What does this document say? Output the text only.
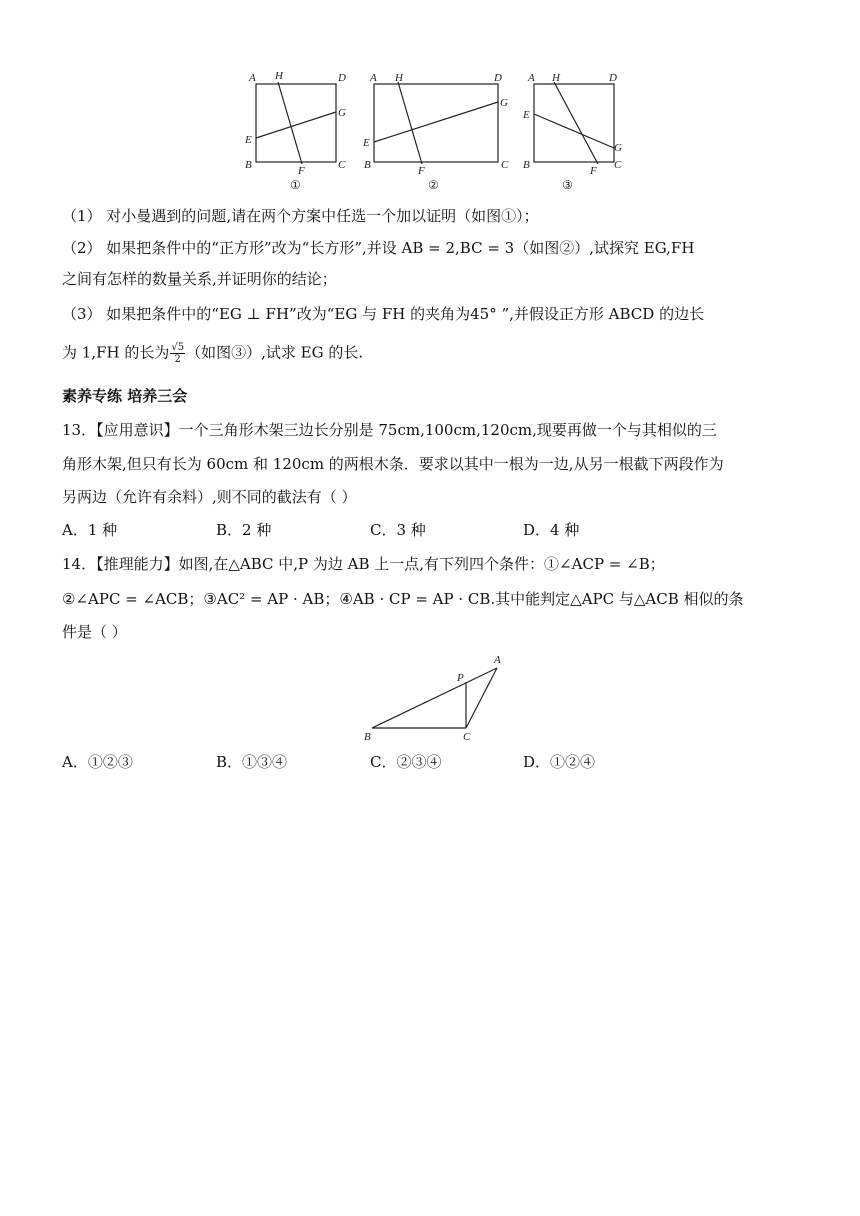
A H	D
G
E
B	F	C
①
A H	D
G
E
B	F	C
②
A H	D
E
G
B	F C
③
（1） 对小曼遇到的问题,请在两个方案中任选一个加以证明（如图①）；
（2） 如果把条件中的“正方形”改为“长方形”,并设 AB = 2,BC = 3（如图②）,试探究 EG,FH
之间有怎样的数量关系,并证明你的结论；
（3） 如果把条件中的“EG ⊥ FH”改为“EG 与 FH 的夹角为45° ”,并假设正方形 ABCD 的边长
为 1,FH 的长为 $\frac{√5}{2}$ （如图③）,试求 EG 的长.
素养专练 培养三会
13．【应用意识】一个三角形木架三边长分别是 75cm,100cm,120cm,现要再做一个与其相似的三
角形木架,但只有长为 60cm 和 120cm 的两根木条．要求以其中一根为一边,从另一根截下两段作为
另两边（允许有余料）,则不同的截法有（ ）
A．1 种	B．2 种	C．3 种	D．4 种
14．【推理能力】如图,在△ABC 中,P 为边 AB 上一点,有下列四个条件：①∠ACP = ∠B；
②∠APC = ∠ACB；③AC² = AP · AB；④AB · CP = AP · CB.其中能判定△APC 与△ACB 相似的条
件是（ ）
A
P
B	C
A．①②③	B．①③④	C．②③④	D．①②④
